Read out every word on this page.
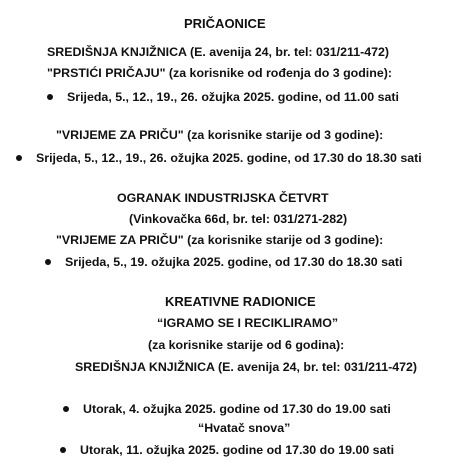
PRIČAONICE

SREDIŠNJA KNJIŽNICA (E. avenija 24, br. tel: 031/211-472)

"PRSTIĆI PRIČAJU" (za korisnike od rođenja do 3 godine):

Srijeda, 5., 12., 19., 26. ožujka 2025. godine, od 11.00 sati

"VRIJEME ZA PRIČU" (za korisnike starije od 3 godine):

Srijeda, 5., 12., 19., 26. ožujka 2025. godine, od 17.30 do 18.30 sati

OGRANAK INDUSTRIJSKA ČETVRT

(Vinkovačka 66d, br. tel: 031/271-282)

"VRIJEME ZA PRIČU" (za korisnike starije od 3 godine):

Srijeda, 5., 19. ožujka 2025. godine, od 17.30 do 18.30 sati

KREATIVNE RADIONICE

“IGRAMO SE I RECIKLIRAMO”

(za korisnike starije od 6 godina):

SREDIŠNJA KNJIŽNICA (E. avenija 24, br. tel: 031/211-472)

Utorak, 4. ožujka 2025. godine od 17.30 do 19.00 sati

“Hvatač snova”

Utorak, 11. ožujka 2025. godine od 17.30 do 19.00 sati
